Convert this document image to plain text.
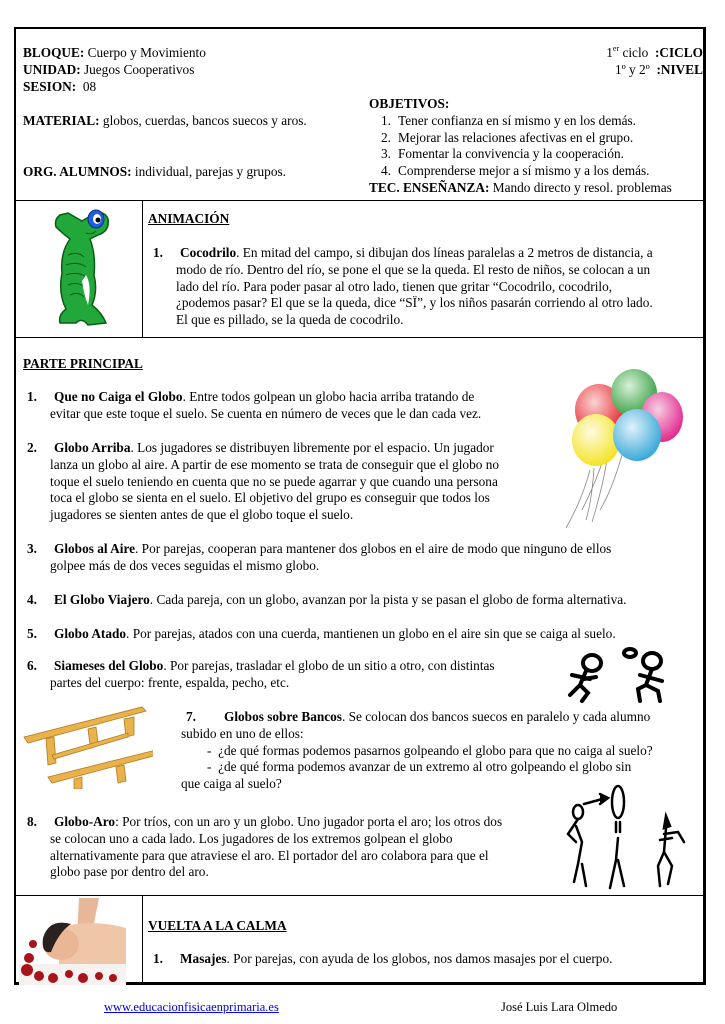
BLOQUE: Cuerpo y Movimiento
UNIDAD: Juegos Cooperativos
SESION:  08
MATERIAL: globos, cuerdas, bancos suecos y aros.
ORG. ALUMNOS: individual, parejas y grupos.
1er ciclo  :CICLO
1º y 2º  :NIVEL
OBJETIVOS:
1. Tener confianza en sí mismo y en los demás.
2. Mejorar las relaciones afectivas en el grupo.
3. Fomentar la convivencia y la cooperación.
4. Comprenderse mejor a sí mismo y a los demás.
TEC. ENSEÑANZA: Mando directo y resol. problemas
ANIMACIÓN
1. Cocodrilo. En mitad del campo, si dibujan dos líneas paralelas a 2 metros de distancia, a
modo de río. Dentro del río, se pone el que se la queda. El resto de niños, se colocan a un
lado del río. Para poder pasar al otro lado, tienen que gritar “Cocodrilo, cocodrilo,
¿podemos pasar? El que se la queda, dice “SÏ”, y los niños pasarán corriendo al otro lado.
El que es pillado, se la queda de cocodrilo.
PARTE PRINCIPAL
1. Que no Caiga el Globo. Entre todos golpean un globo hacia arriba tratando de
evitar que este toque el suelo. Se cuenta en número de veces que le dan cada vez.
2. Globo Arriba. Los jugadores se distribuyen libremente por el espacio. Un jugador
lanza un globo al aire. A partir de ese momento se trata de conseguir que el globo no
toque el suelo teniendo en cuenta que no se puede agarrar y que cuando una persona
toca el globo se sienta en el suelo. El objetivo del grupo es conseguir que todos los
jugadores se sienten antes de que el globo toque el suelo.
3. Globos al Aire. Por parejas, cooperan para mantener dos globos en el aire de modo que ninguno de ellos
golpee más de dos veces seguidas el mismo globo.
4. El Globo Viajero. Cada pareja, con un globo, avanzan por la pista y se pasan el globo de forma alternativa.
5. Globo Atado. Por parejas, atados con una cuerda, mantienen un globo en el aire sin que se caiga al suelo.
6. Siameses del Globo. Por parejas, trasladar el globo de un sitio a otro, con distintas
partes del cuerpo: frente, espalda, pecho, etc.
7. Globos sobre Bancos. Se colocan dos bancos suecos en paralelo y cada alumno
subido en uno de ellos:
-  ¿de qué formas podemos pasarnos golpeando el globo para que no caiga al suelo?
-  ¿de qué forma podemos avanzar de un extremo al otro golpeando el globo sin
que caiga al suelo?
8. Globo-Aro: Por tríos, con un aro y un globo. Uno jugador porta el aro; los otros dos
se colocan uno a cada lado. Los jugadores de los extremos golpean el globo
alternativamente para que atraviese el aro. El portador del aro colabora para que el
globo pase por dentro del aro.
VUELTA A LA CALMA
1. Masajes. Por parejas, con ayuda de los globos, nos damos masajes por el cuerpo.
www.educacionfisicaenprimaria.es	José Luis Lara Olmedo
